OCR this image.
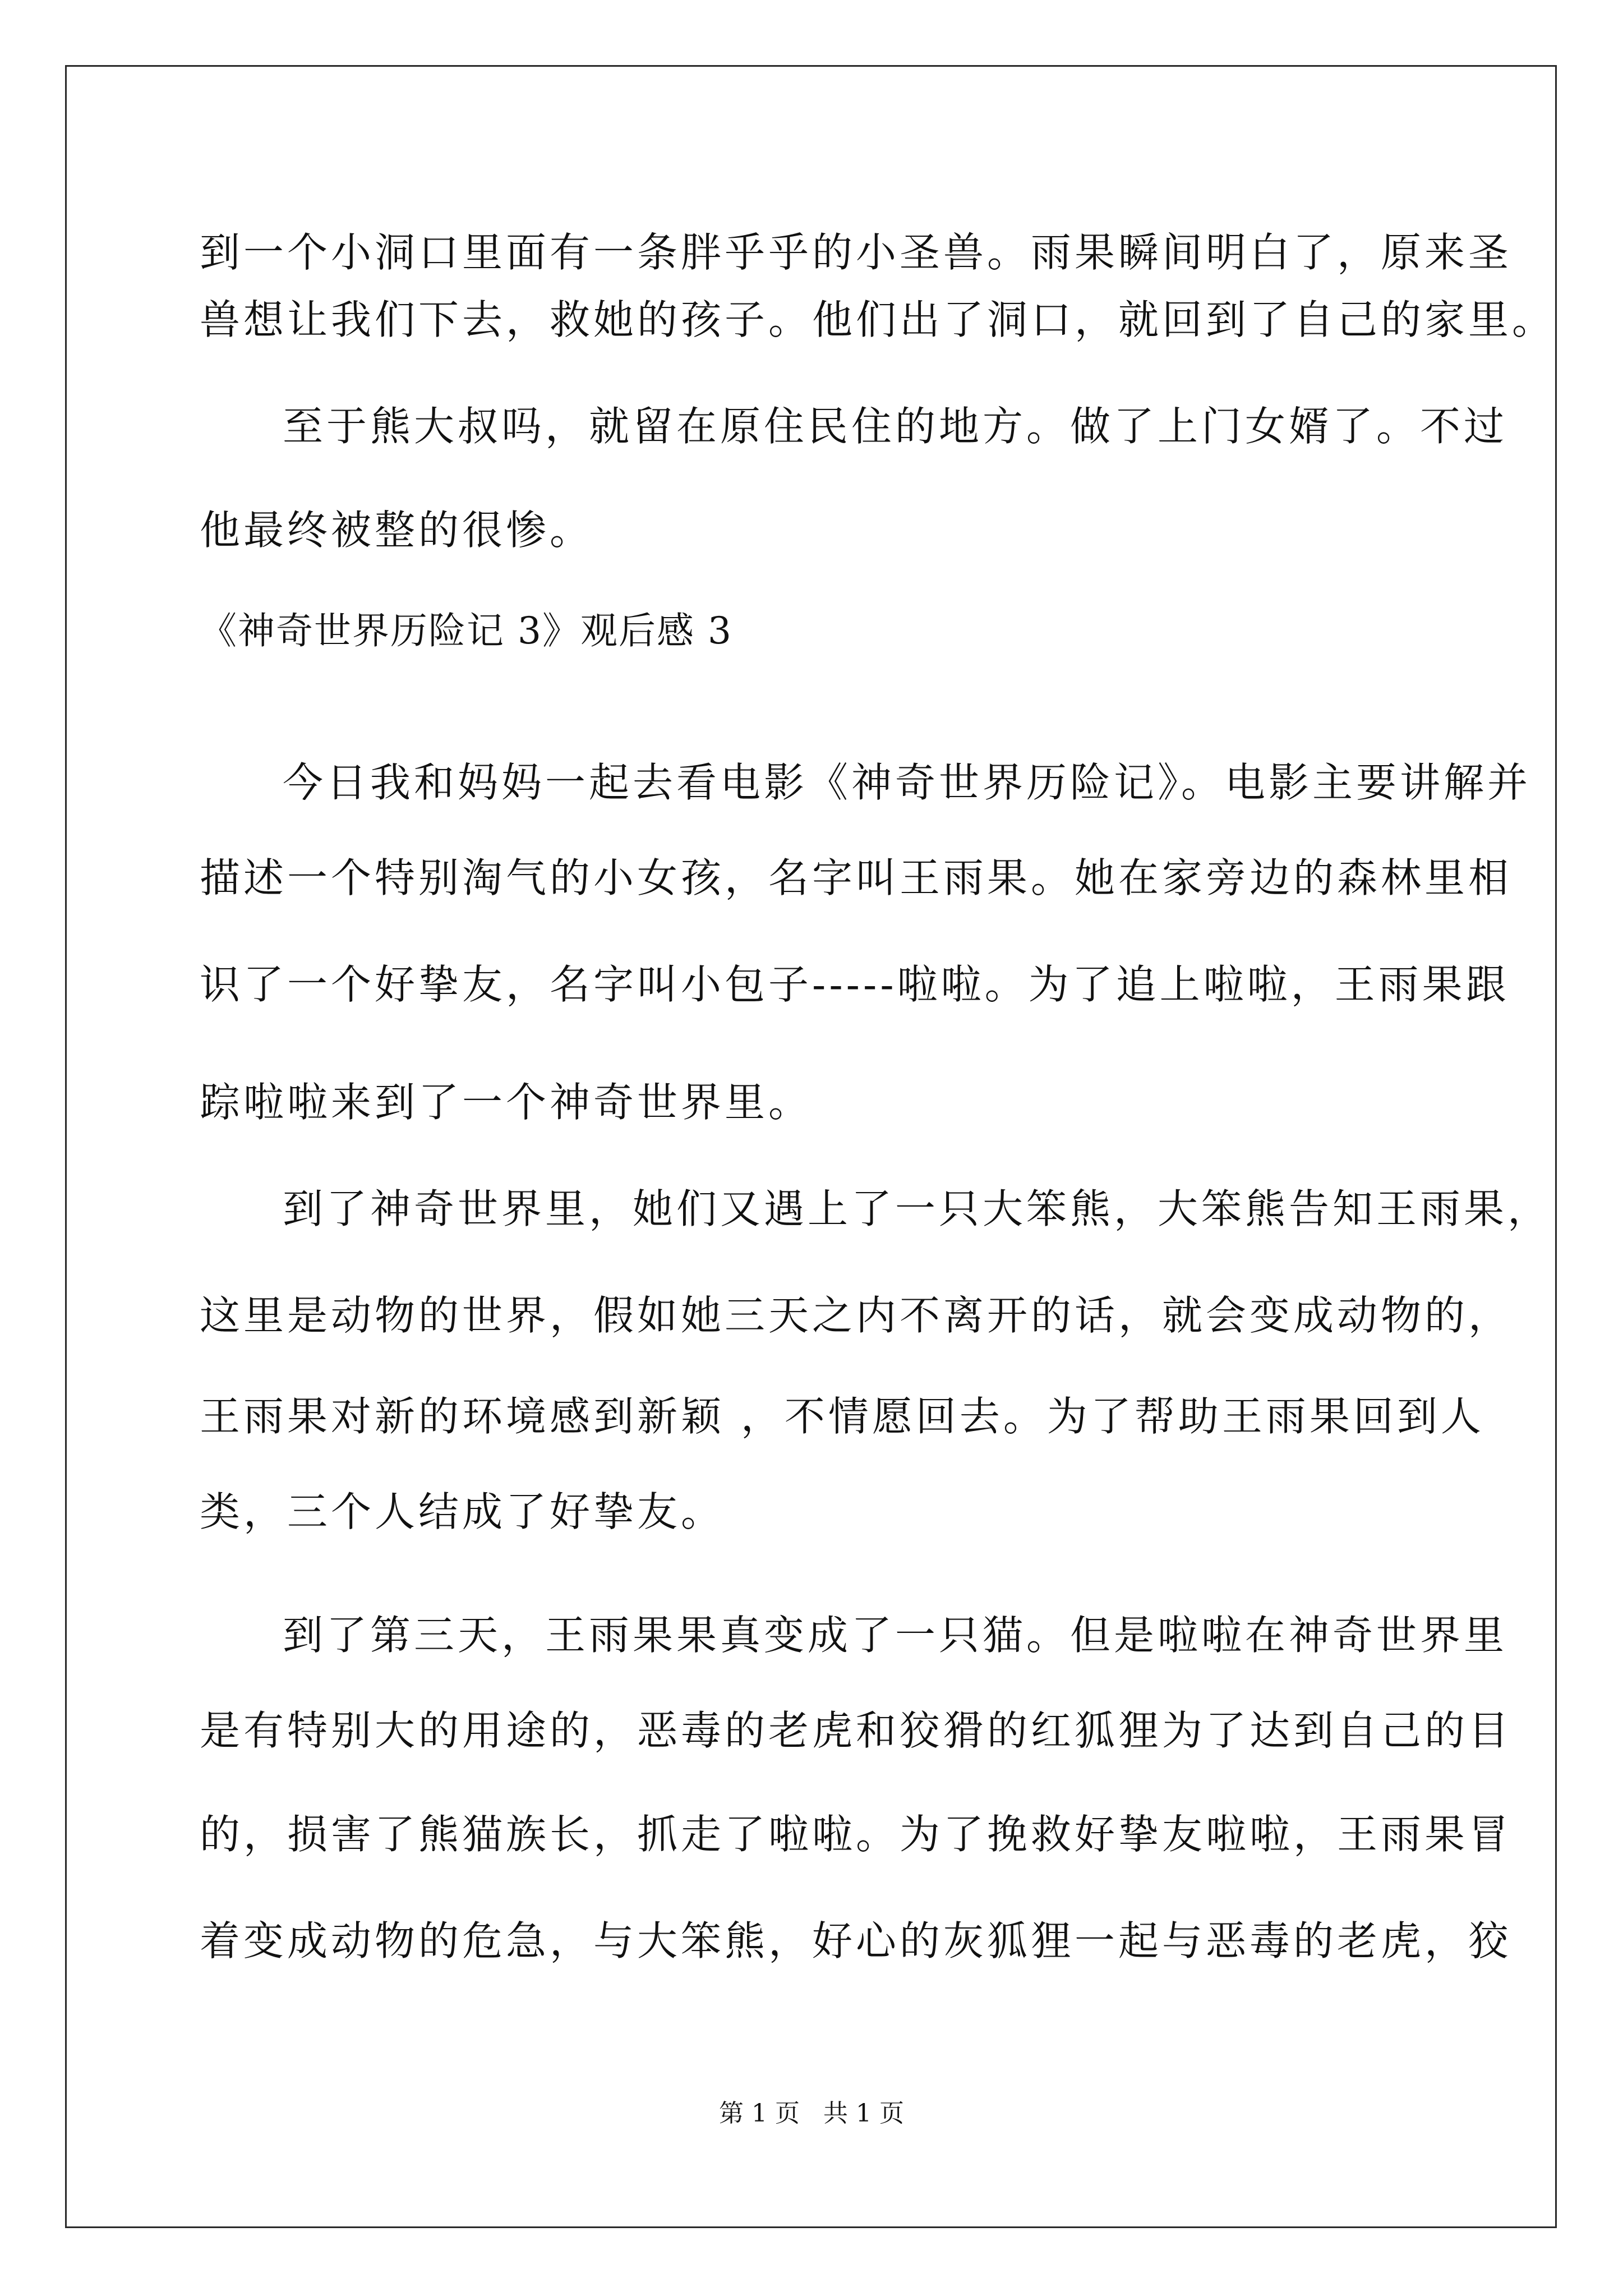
到一个小洞口里面有一条胖乎乎的小圣兽。雨果瞬间明白了，原来圣
兽想让我们下去，救她的孩子。他们出了洞口，就回到了自己的家里。
至于熊大叔吗，就留在原住民住的地方。做了上门女婿了。不过
他最终被整的很惨。
《神奇世界历险记 3》观后感 3
今日我和妈妈一起去看电影《神奇世界历险记》。电影主要讲解并
描述一个特别淘气的小女孩，名字叫王雨果。她在家旁边的森林里相
识了一个好挚友，名字叫小包子-----啦啦。为了追上啦啦，王雨果跟
踪啦啦来到了一个神奇世界里。
到了神奇世界里，她们又遇上了一只大笨熊，大笨熊告知王雨果，
这里是动物的世界，假如她三天之内不离开的话，就会变成动物的，
王雨果对新的环境感到新颖 ，不情愿回去。为了帮助王雨果回到人
类，三个人结成了好挚友。
到了第三天，王雨果果真变成了一只猫。但是啦啦在神奇世界里
是有特别大的用途的，恶毒的老虎和狡猾的红狐狸为了达到自己的目
的，损害了熊猫族长，抓走了啦啦。为了挽救好挚友啦啦，王雨果冒
着变成动物的危急，与大笨熊，好心的灰狐狸一起与恶毒的老虎，狡
第 1 页   共 1 页
